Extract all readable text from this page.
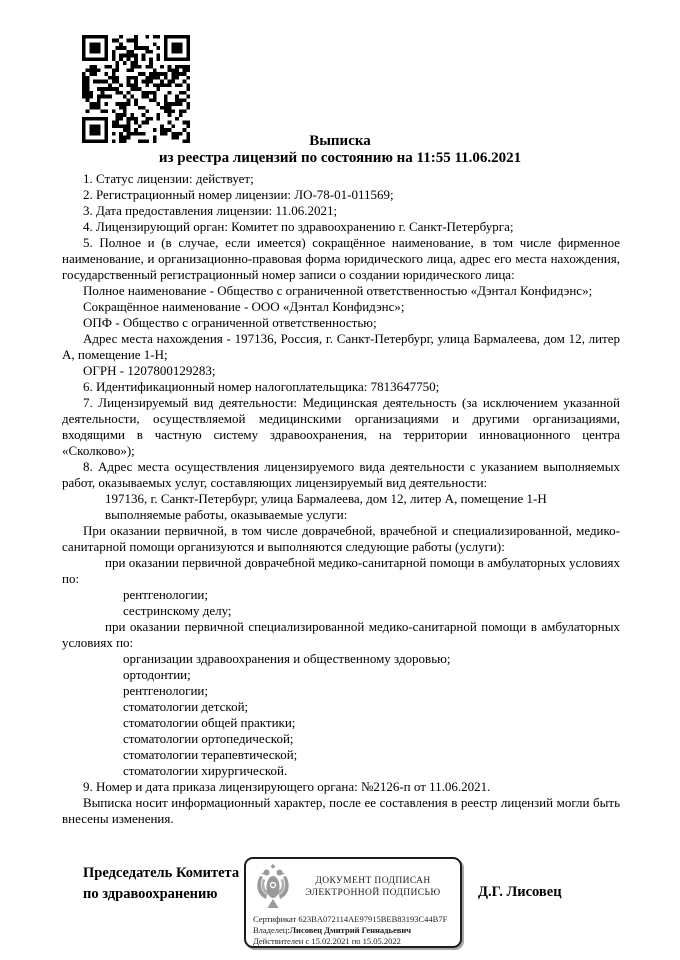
Выписка
из реестра лицензий по состоянию на 11:55 11.06.2021

1. Статус лицензии: действует;

2. Регистрационный номер лицензии: ЛО-78-01-011569;

3. Дата предоставления лицензии: 11.06.2021;

4. Лицензирующий орган: Комитет по здравоохранению г. Санкт-Петербурга;

5. Полное и (в случае, если имеется) сокращённое наименование, в том числе фирменное наименование, и организационно-правовая форма юридического лица, адрес его места нахождения, государственный регистрационный номер записи о создании юридического лица:

Полное наименование - Общество с ограниченной ответственностью «Дэнтал Конфидэнс»;

Сокращённое наименование - ООО «Дэнтал Конфидэнс»;

ОПФ - Общество с ограниченной ответственностью;

Адрес места нахождения - 197136, Россия, г. Санкт-Петербург, улица Бармалеева, дом 12, литер А, помещение 1-Н;

ОГРН - 1207800129283;

6. Идентификационный номер налогоплательщика: 7813647750;

7. Лицензируемый вид деятельности: Медицинская деятельность (за исключением указанной деятельности, осуществляемой медицинскими организациями и другими организациями, входящими в частную систему здравоохранения, на территории инновационного центра «Сколково»);

8. Адрес места осуществления лицензируемого вида деятельности с указанием выполняемых работ, оказываемых услуг, составляющих лицензируемый вид деятельности:

197136, г. Санкт-Петербург, улица Бармалеева, дом 12, литер А, помещение 1-Н

выполняемые работы, оказываемые услуги:

При оказании первичной, в том числе доврачебной, врачебной и специализированной, медико-санитарной помощи организуются и выполняются следующие работы (услуги):

при оказании первичной доврачебной медико-санитарной помощи в амбулаторных условиях по:

рентгенологии;

сестринскому делу;

при оказании первичной специализированной медико-санитарной помощи в амбулаторных условиях по:

организации здравоохранения и общественному здоровью;

ортодонтии;

рентгенологии;

стоматологии детской;

стоматологии общей практики;

стоматологии ортопедической;

стоматологии терапевтической;

стоматологии хирургической.

9. Номер и дата приказа лицензирующего органа: №2126-п от 11.06.2021.

Выписка носит информационный характер, после ее составления в реестр лицензий могли быть внесены изменения.

Председатель Комитета
по здравоохранению	Д.Г. Лисовец
ДОКУМЕНТ ПОДПИСАН
ЭЛЕКТРОННОЙ ПОДПИСЬЮ
Сертификат 623BA072114AE97915BEB83193C44B7F
Владелец:Лисовец Дмитрий Геннадьевич
Действителен с 15.02.2021 по 15.05.2022
